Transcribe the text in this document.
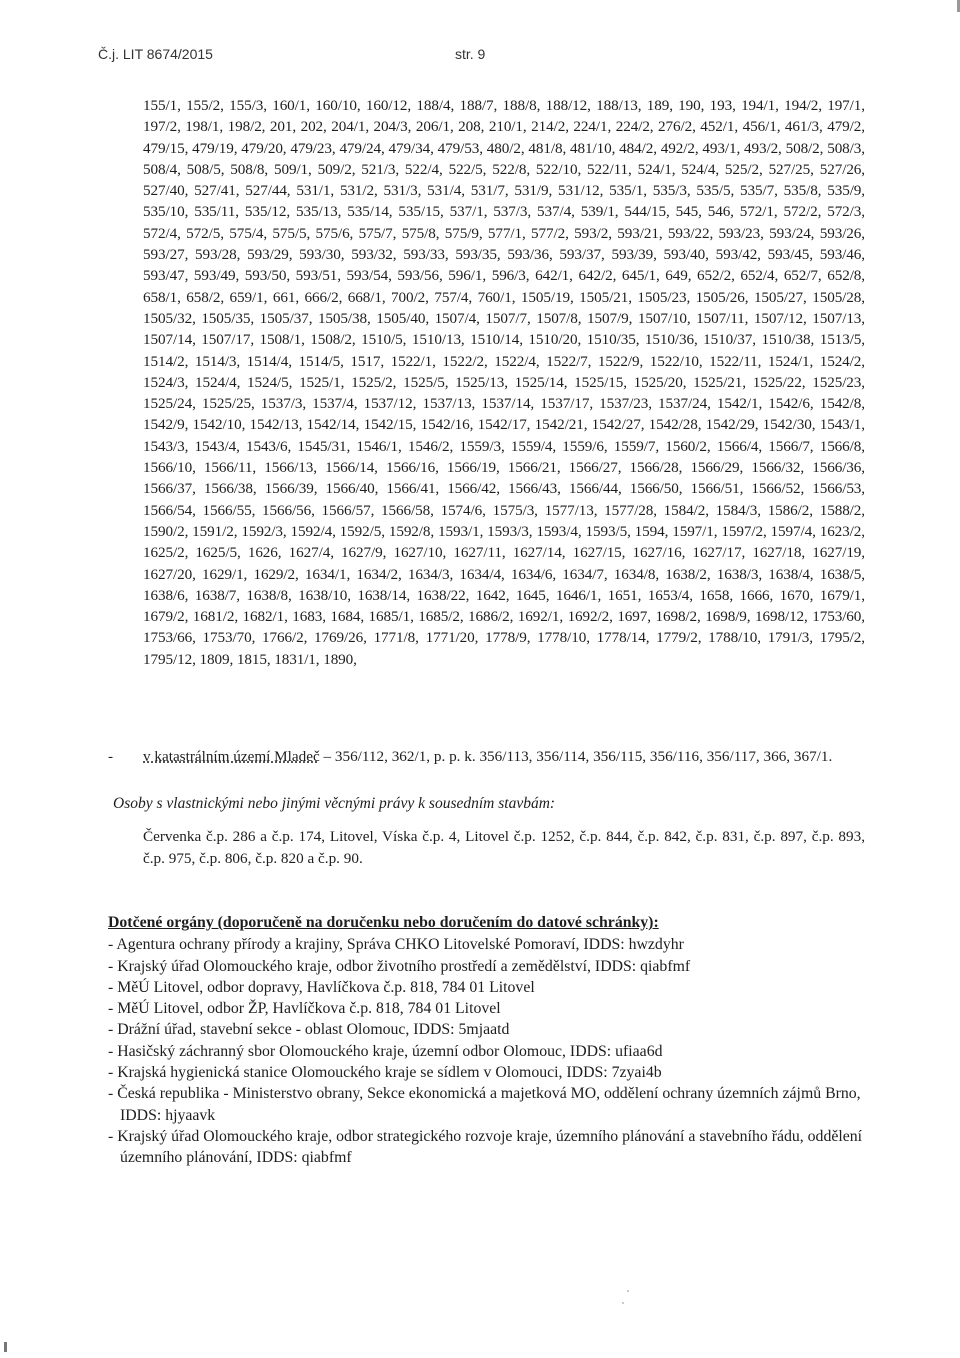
Č.j. LIT 8674/2015	str. 9

155/1, 155/2, 155/3, 160/1, 160/10, 160/12, 188/4, 188/7, 188/8, 188/12, 188/13, 189, 190, 193, 194/1, 194/2, 197/1, 197/2, 198/1, 198/2, 201, 202, 204/1, 204/3, 206/1, 208, 210/1, 214/2, 224/1, 224/2, 276/2, 452/1, 456/1, 461/3, 479/2, 479/15, 479/19, 479/20, 479/23, 479/24, 479/34, 479/53, 480/2, 481/8, 481/10, 484/2, 492/2, 493/1, 493/2, 508/2, 508/3, 508/4, 508/5, 508/8, 509/1, 509/2, 521/3, 522/4, 522/5, 522/8, 522/10, 522/11, 524/1, 524/4, 525/2, 527/25, 527/26, 527/40, 527/41, 527/44, 531/1, 531/2, 531/3, 531/4, 531/7, 531/9, 531/12, 535/1, 535/3, 535/5, 535/7, 535/8, 535/9, 535/10, 535/11, 535/12, 535/13, 535/14, 535/15, 537/1, 537/3, 537/4, 539/1, 544/15, 545, 546, 572/1, 572/2, 572/3, 572/4, 572/5, 575/4, 575/5, 575/6, 575/7, 575/8, 575/9, 577/1, 577/2, 593/2, 593/21, 593/22, 593/23, 593/24, 593/26, 593/27, 593/28, 593/29, 593/30, 593/32, 593/33, 593/35, 593/36, 593/37, 593/39, 593/40, 593/42, 593/45, 593/46, 593/47, 593/49, 593/50, 593/51, 593/54, 593/56, 596/1, 596/3, 642/1, 642/2, 645/1, 649, 652/2, 652/4, 652/7, 652/8, 658/1, 658/2, 659/1, 661, 666/2, 668/1, 700/2, 757/4, 760/1, 1505/19, 1505/21, 1505/23, 1505/26, 1505/27, 1505/28, 1505/32, 1505/35, 1505/37, 1505/38, 1505/40, 1507/4, 1507/7, 1507/8, 1507/9, 1507/10, 1507/11, 1507/12, 1507/13, 1507/14, 1507/17, 1508/1, 1508/2, 1510/5, 1510/13, 1510/14, 1510/20, 1510/35, 1510/36, 1510/37, 1510/38, 1513/5, 1514/2, 1514/3, 1514/4, 1514/5, 1517, 1522/1, 1522/2, 1522/4, 1522/7, 1522/9, 1522/10, 1522/11, 1524/1, 1524/2, 1524/3, 1524/4, 1524/5, 1525/1, 1525/2, 1525/5, 1525/13, 1525/14, 1525/15, 1525/20, 1525/21, 1525/22, 1525/23, 1525/24, 1525/25, 1537/3, 1537/4, 1537/12, 1537/13, 1537/14, 1537/17, 1537/23, 1537/24, 1542/1, 1542/6, 1542/8, 1542/9, 1542/10, 1542/13, 1542/14, 1542/15, 1542/16, 1542/17, 1542/21, 1542/27, 1542/28, 1542/29, 1542/30, 1543/1, 1543/3, 1543/4, 1543/6, 1545/31, 1546/1, 1546/2, 1559/3, 1559/4, 1559/6, 1559/7, 1560/2, 1566/4, 1566/7, 1566/8, 1566/10, 1566/11, 1566/13, 1566/14, 1566/16, 1566/19, 1566/21, 1566/27, 1566/28, 1566/29, 1566/32, 1566/36, 1566/37, 1566/38, 1566/39, 1566/40, 1566/41, 1566/42, 1566/43, 1566/44, 1566/50, 1566/51, 1566/52, 1566/53, 1566/54, 1566/55, 1566/56, 1566/57, 1566/58, 1574/6, 1575/3, 1577/13, 1577/28, 1584/2, 1584/3, 1586/2, 1588/2, 1590/2, 1591/2, 1592/3, 1592/4, 1592/5, 1592/8, 1593/1, 1593/3, 1593/4, 1593/5, 1594, 1597/1, 1597/2, 1597/4, 1623/2, 1625/2, 1625/5, 1626, 1627/4, 1627/9, 1627/10, 1627/11, 1627/14, 1627/15, 1627/16, 1627/17, 1627/18, 1627/19, 1627/20, 1629/1, 1629/2, 1634/1, 1634/2, 1634/3, 1634/4, 1634/6, 1634/7, 1634/8, 1638/2, 1638/3, 1638/4, 1638/5, 1638/6, 1638/7, 1638/8, 1638/10, 1638/14, 1638/22, 1642, 1645, 1646/1, 1651, 1653/4, 1658, 1666, 1670, 1679/1, 1679/2, 1681/2, 1682/1, 1683, 1684, 1685/1, 1685/2, 1686/2, 1692/1, 1692/2, 1697, 1698/2, 1698/9, 1698/12, 1753/60, 1753/66, 1753/70, 1766/2, 1769/26, 1771/8, 1771/20, 1778/9, 1778/10, 1778/14, 1779/2, 1788/10, 1791/3, 1795/2, 1795/12, 1809, 1815, 1831/1, 1890,

- v katastrálním území Mladeč – 356/112, 362/1, p. p. k. 356/113, 356/114, 356/115, 356/116, 356/117, 366, 367/1.
Osoby s vlastnickými nebo jinými věcnými právy k sousedním stavbám:
Červenka č.p. 286 a č.p. 174, Litovel, Víska č.p. 4, Litovel č.p. 1252, č.p. 844, č.p. 842, č.p. 831, č.p. 897, č.p. 893, č.p. 975, č.p. 806, č.p. 820 a č.p. 90.
Dotčené orgány (doporučeně na doručenku nebo doručením do datové schránky):
- Agentura ochrany přírody a krajiny, Správa CHKO Litovelské Pomoraví, IDDS: hwzdyhr
- Krajský úřad Olomouckého kraje, odbor životního prostředí a zemědělství, IDDS: qiabfmf
- MěÚ Litovel, odbor dopravy, Havlíčkova č.p. 818, 784 01 Litovel
- MěÚ Litovel, odbor ŽP, Havlíčkova č.p. 818, 784 01 Litovel
- Drážní úřad, stavební sekce - oblast Olomouc, IDDS: 5mjaatd
- Hasičský záchranný sbor Olomouckého kraje, územní odbor Olomouc, IDDS: ufiaa6d
- Krajská hygienická stanice Olomouckého kraje se sídlem v Olomouci, IDDS: 7zyai4b
- Česká republika - Ministerstvo obrany, Sekce ekonomická a majetková MO, oddělení ochrany územních zájmů Brno, IDDS: hjyaavk
- Krajský úřad Olomouckého kraje, odbor strategického rozvoje kraje, územního plánování a stavebního řádu, oddělení územního plánování, IDDS: qiabfmf
